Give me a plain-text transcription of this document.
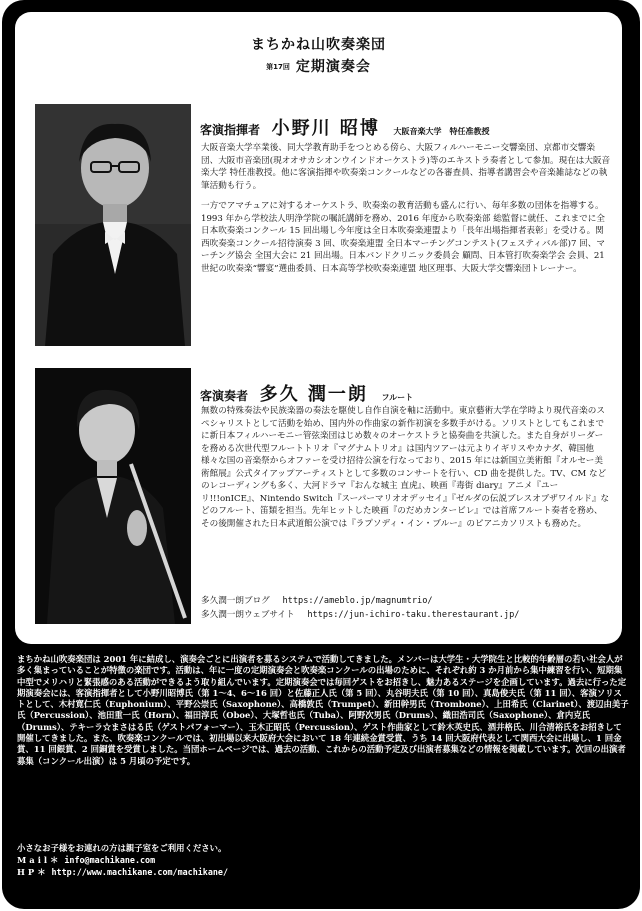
まちかね山吹奏楽団
第17回 定期演奏会
客演指揮者 小野川 昭博 大阪音楽大学　特任准教授

大阪音楽大学卒業後、同大学教育助手をつとめる傍ら、大阪フィルハーモニー交響楽団、京都市交響楽団、大阪市音楽団(現オオサカシオンウインドオーケストラ)等のエキストラ奏者として参加。現在は大阪音楽大学 特任准教授。他に客演指揮や吹奏楽コンクールなどの各審査員、指導者講習会や音楽雑誌などの執筆活動も行う。

一方でアマチュアに対するオーケストラ、吹奏楽の教育活動も盛んに行い、毎年多数の団体を指導する。1993 年から学校法人明浄学院の嘱託講師を務め、2016 年度から吹奏楽部 総監督に就任、これまでに全日本吹奏楽コンクール 15 回出場し今年度は全日本吹奏楽連盟より「長年出場指揮者表彰」を受ける。関西吹奏楽コンクール招待演奏 3 回、吹奏楽連盟 全日本マーチングコンテスト(フェスティバル部)7 回、マーチング協会 全国大会に 21 回出場。日本バンドクリニック委員会 顧問、日本管打吹奏楽学会 会員、21 世紀の吹奏楽“響宴”選曲委員、日本高等学校吹奏楽連盟 地区理事、大阪大学交響楽団トレーナー。

客演奏者 多久 潤一朗 フルート

無数の特殊奏法や民族楽器の奏法を駆使し自作自演を軸に活動中。東京藝術大学在学時より現代音楽のスペシャリストとして活動を始め、国内外の作曲家の新作初演を多数手がける。ソリストとしてもこれまでに新日本フィルハーモニー管弦楽団はじめ数々のオーケストラと協奏曲を共演した。また自身がリーダーを務める次世代型フルートトリオ『マグナムトリオ』は国内ツアーは元よりイギリスやカナダ、韓国他様々な国の音楽祭からオファーを受け招待公演を行なっており、2015 年には新国立美術館『オルセー美術館展』公式タイアップアーティストとして多数のコンサートを行い、CD 曲を提供した。TV、CM などのレコーディングも多く、大河ドラマ『おんな城主 直虎』、映画『毒街 diary』アニメ『ユーリ!!!onICE』、Nintendo Switch『スーパーマリオオデッセイ』『ゼルダの伝説ブレスオブザワイルド』などのフルート、笛類を担当。先年ヒットした映画『のだめカンタービレ』では首席フルート奏者を務め、その後開催された日本武道館公演では『ラプソディ・イン・ブルー』のピアニカソリストも務めた。

多久潤一朗ブログ https://ameblo.jp/magnumtrio/
多久潤一朗ウェブサイト https://jun-ichiro-taku.therestaurant.jp/

まちかね山吹奏楽団は 2001 年に結成し、演奏会ごとに出演者を募るシステムで活動してきました。メンバーは大学生・大学院生と比較的年齢層の若い社会人が多く集まっていることが特徴の楽団です。活動は、年に一度の定期演奏会と吹奏楽コンクールの出場のために、それぞれ約 3 か月前から集中練習を行い、短期集中型でメリハリと緊張感のある活動ができるよう取り組んでいます。定期演奏会では毎回ゲストをお招きし、魅力あるステージを企画しています。過去に行った定期演奏会には、客演指揮者として小野川昭博氏（第 1〜4、6〜16 回）と佐藤正人氏（第 5 回）、丸谷明夫氏（第 10 回）、真島俊夫氏（第 11 回）、客演ソリストとして、木村寛仁氏（Euphonium）、平野公崇氏（Saxophone）、高橋敦氏（Trumpet）、新田幹男氏（Trombone）、上田希氏（Clarinet）、渡辺由美子氏（Percussion）、池田重一氏（Horn）、福田淳氏（Oboe）、大塚哲也氏（Tuba）、阿野次男氏（Drums）、織田浩司氏（Saxophone）、倉内克氏（Drums）、テキーラ☆まさはる氏（ゲストパフォーマー）、玉木正昭氏（Percussion）、ゲスト作曲家として鈴木英史氏、酒井格氏、川合清裕氏をお招きして開催してきました。また、吹奏楽コンクールでは、初出場以来大阪府大会において 18 年連続金賞受賞、うち 14 回大阪府代表として関西大会に出場し、1 回金賞、11 回銀賞、2 回銅賞を受賞しました。当団ホームページでは、過去の活動、これからの活動予定及び出演者募集などの情報を掲載しています。次回の出演者募集（コンクール出演）は 5 月頃の予定です。

小さなお子様をお連れの方は親子室をご利用ください。
Mail＊ info@machikane.com
HP＊ http://www.machikane.com/machikane/
